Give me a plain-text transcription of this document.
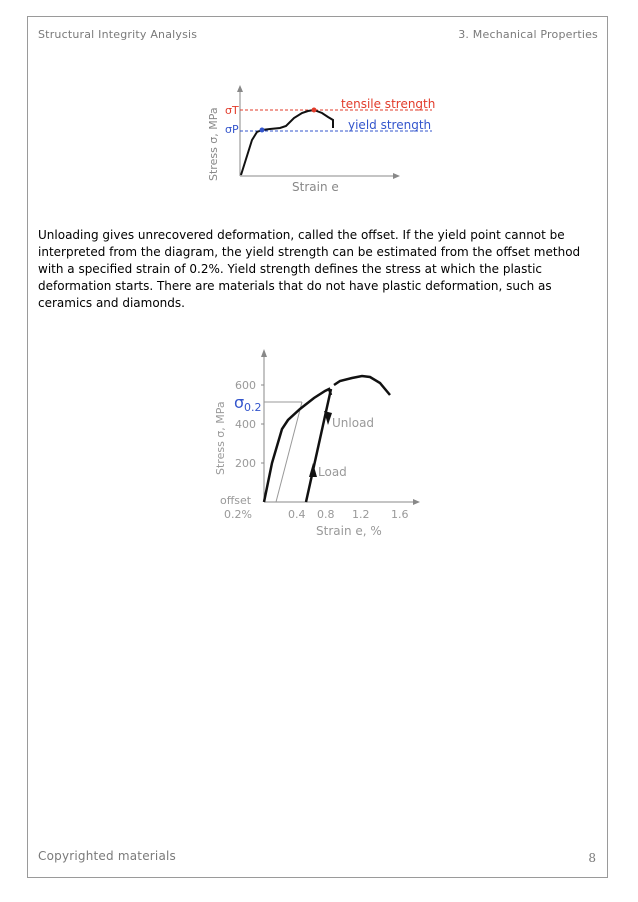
Structural Integrity Analysis	3. Mechanical Properties
σT
σP
tensile strength
yield strength
Stress σ, MPa
Strain e

Unloading gives unrecovered deformation, called the offset. If the yield point cannot be interpreted from the diagram, the yield strength can be estimated from the offset method with a specified strain of 0.2%. Yield strength defines the stress at which the plastic deformation starts. There are materials that do not have plastic deformation, such as ceramics and diamonds.

600
400
200
σ 0.2
Unload
Load
offset
0.2%	0.4 0.8 1.2 1.6
Strain e, %
Stress σ, MPa
Copyrighted materials	8
